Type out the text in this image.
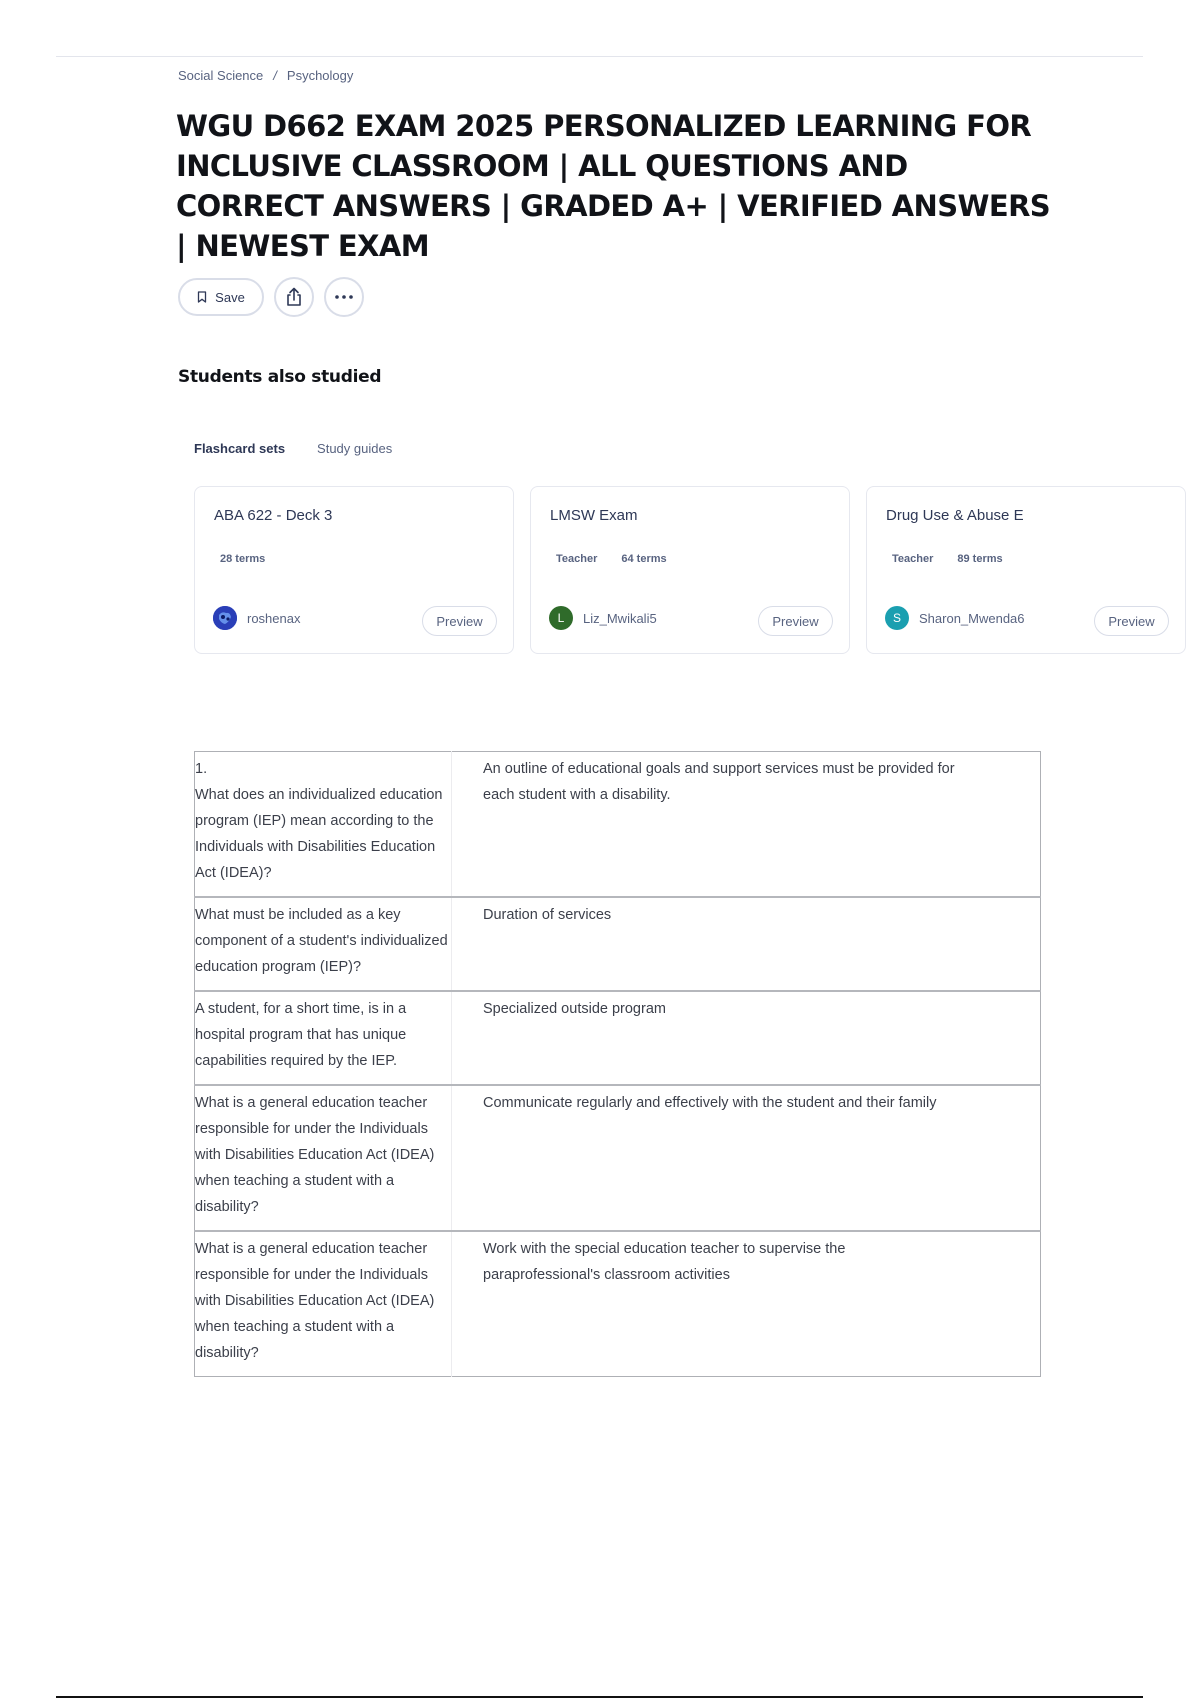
Social Science / Psychology
WGU D662 EXAM 2025 PERSONALIZED LEARNING FOR INCLUSIVE CLASSROOM | ALL QUESTIONS AND CORRECT ANSWERS | GRADED A+ | VERIFIED ANSWERS | NEWEST EXAM
Save
Students also studied
Flashcard sets Study guides
ABA 622 - Deck 3
28 terms
roshenax	Preview
LMSW Exam
Teacher 64 terms
L	Liz_Mwikali5	Preview
Drug Use & Abuse E
Teacher 89 terms
S	Sharon_Mwenda6	Preview
1.
What does an individualized education program (IEP) mean according to the Individuals with Disabilities Education Act (IDEA)?	An outline of educational goals and support services must be provided for each student with a disability.
What must be included as a key component of a student's individualized education program (IEP)?	Duration of services
A student, for a short time, is in a hospital program that has unique capabilities required by the IEP.	Specialized outside program
What is a general education teacher responsible for under the Individuals with Disabilities Education Act (IDEA) when teaching a student with a disability?	Communicate regularly and effectively with the student and their family
What is a general education teacher responsible for under the Individuals with Disabilities Education Act (IDEA) when teaching a student with a disability?	Work with the special education teacher to supervise the paraprofessional's classroom activities
